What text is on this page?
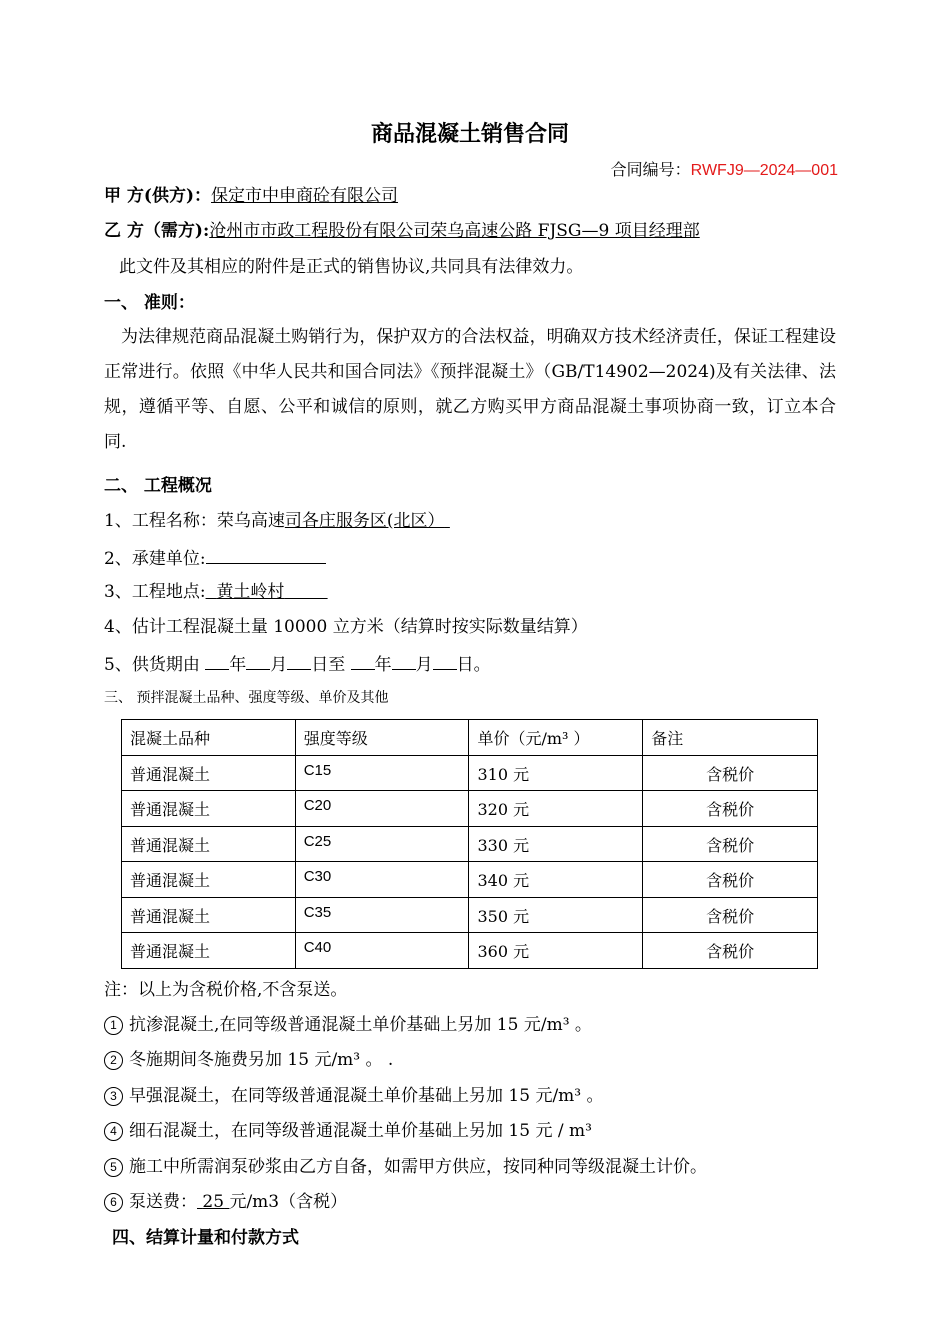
商品混凝土销售合同
合同编号：RWFJ9—2024—001
甲 方(供方)：保定市中申商砼有限公司
乙 方（需方):沧州市市政工程股份有限公司荣乌高速公路 FJSG—9 项目经理部
此文件及其相应的附件是正式的销售协议,共同具有法律效力。
一、 准则：
为法律规范商品混凝土购销行为，保护双方的合法权益，明确双方技术经济责任，保证工程建设正常进行。依照《中华人民共和国合同法》《预拌混凝土》（GB/T14902—2024)及有关法律、法规，遵循平等、自愿、公平和诚信的原则，就乙方购买甲方商品混凝土事项协商一致，订立本合同.
二、 工程概况
1、工程名称：荣乌高速司各庄服务区(北区）
2、承建单位:
3、工程地点: 黄土岭村
4、估计工程混凝土量 10000 立方米（结算时按实际数量结算）
5、供货期由 年 月 日至 年 月 日。
三、 预拌混凝土品种、强度等级、单价及其他
混凝土品种	强度等级	单价（元/m³ ）	备注
普通混凝土	C15	310 元	含税价
普通混凝土	C20	320 元	含税价
普通混凝土	C25	330 元	含税价
普通混凝土	C30	340 元	含税价
普通混凝土	C35	350 元	含税价
普通混凝土	C40	360 元	含税价
注：以上为含税价格,不含泵送。
1 抗渗混凝土,在同等级普通混凝土单价基础上另加 15 元/m³ 。
2 冬施期间冬施费另加 15 元/m³ 。 .
3 早强混凝土，在同等级普通混凝土单价基础上另加 15 元/m³ 。
4 细石混凝土，在同等级普通混凝土单价基础上另加 15 元 / m³
5 施工中所需润泵砂浆由乙方自备，如需甲方供应，按同种同等级混凝土计价。
6 泵送费： 25 元/m3（含税）
四、结算计量和付款方式
